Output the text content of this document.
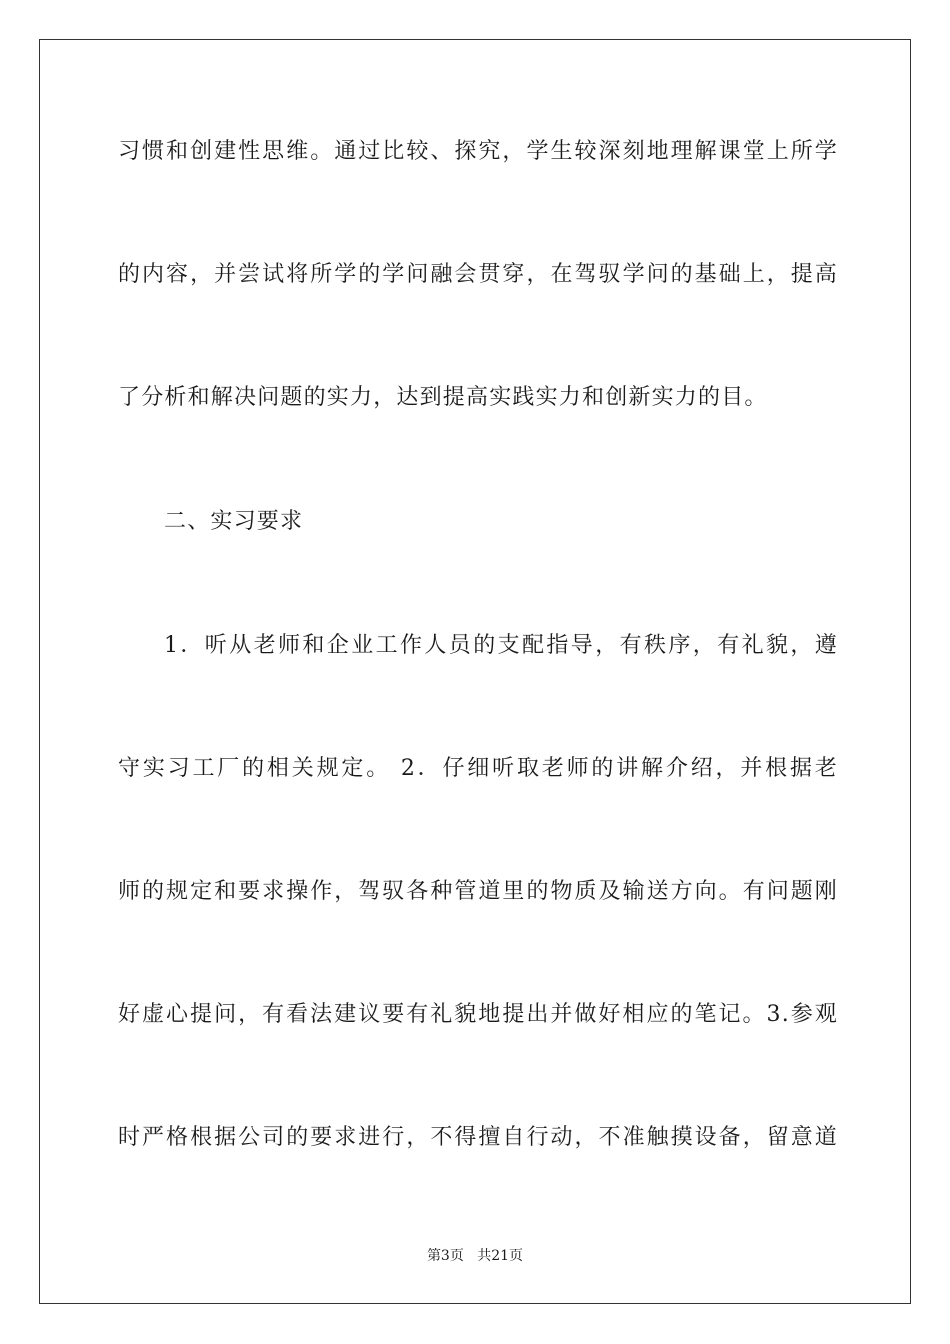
习惯和创建性思维。通过比较、探究，学生较深刻地理解课堂上所学
的内容，并尝试将所学的学问融会贯穿，在驾驭学问的基础上，提高
了分析和解决问题的实力，达到提高实践实力和创新实力的目。
二、实习要求
1．听从老师和企业工作人员的支配指导，有秩序，有礼貌，遵
守实习工厂的相关规定。 2．仔细听取老师的讲解介绍，并根据老
师的规定和要求操作，驾驭各种管道里的物质及输送方向。有问题刚
好虚心提问，有看法建议要有礼貌地提出并做好相应的笔记。3.参观
时严格根据公司的要求进行，不得擅自行动，不准触摸设备，留意道
第3页 共21页
